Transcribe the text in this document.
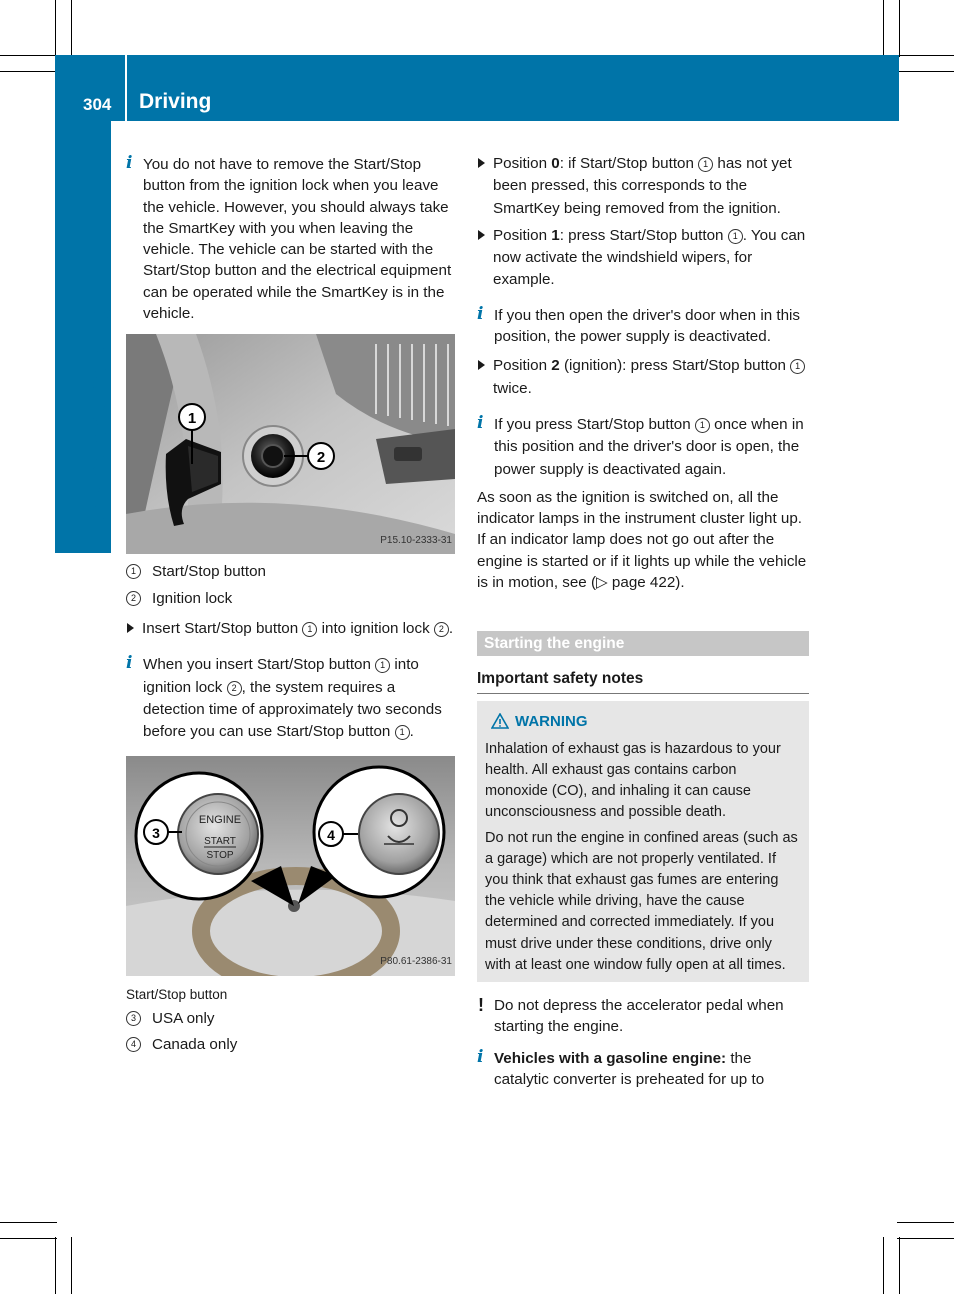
304 Driving
Driving and parking

i You do not have to remove the Start/Stop button from the ignition lock when you leave the vehicle. However, you should always take the SmartKey with you when leaving the vehicle. The vehicle can be started with the Start/Stop button and the electrical equipment can be operated while the SmartKey is in the vehicle.

1
2
P15.10-2333-31

1	Start/Stop button

2	Ignition lock

Insert Start/Stop button 1 into ignition lock 2 .

i When you insert Start/Stop button 1 into ignition lock 2 , the system requires a detection time of approximately two seconds before you can use Start/Stop button 1 .

ENGINE
START
STOP
3	4
P80.61-2386-31

Start/Stop button

3	USA only

4	Canada only

Position 0: if Start/Stop button 1 has not yet been pressed, this corresponds to the SmartKey being removed from the ignition.

Position 1: press Start/Stop button 1 . You can now activate the windshield wipers, for example.

i If you then open the driver's door when in this position, the power supply is deactivated.

Position 2 (ignition): press Start/Stop button 1 twice.

i If you press Start/Stop button 1 once when in this position and the driver's door is open, the power supply is deactivated again.

As soon as the ignition is switched on, all the indicator lamps in the instrument cluster light up. If an indicator lamp does not go out after the engine is started or if it lights up while the vehicle is in motion, see (▷ page 422).

Starting the engine
Important safety notes
WARNING

Inhalation of exhaust gas is hazardous to your health. All exhaust gas contains carbon monoxide (CO), and inhaling it can cause unconsciousness and possible death.

Do not run the engine in confined areas (such as a garage) which are not properly ventilated. If you think that exhaust gas fumes are entering the vehicle while driving, have the cause determined and corrected immediately. If you must drive under these conditions, drive only with at least one window fully open at all times.

! Do not depress the accelerator pedal when starting the engine.

i Vehicles with a gasoline engine: the catalytic converter is preheated for up to
